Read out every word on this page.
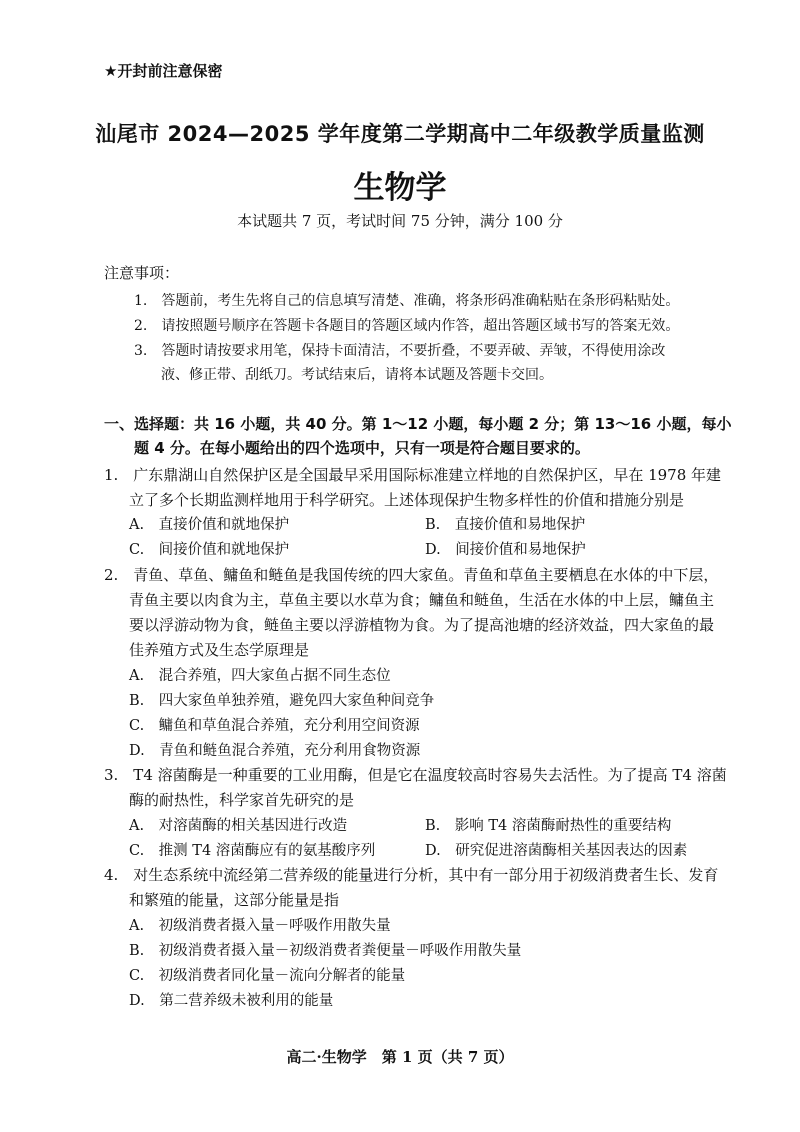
★开封前注意保密
汕尾市 2024—2025 学年度第二学期高中二年级教学质量监测
生物学
本试题共 7 页，考试时间 75 分钟，满分 100 分
注意事项：
1.　答题前，考生先将自己的信息填写清楚、准确，将条形码准确粘贴在条形码粘贴处。
2.　请按照题号顺序在答题卡各题目的答题区域内作答，超出答题区域书写的答案无效。
3.　答题时请按要求用笔，保持卡面清洁，不要折叠，不要弄破、弄皱，不得使用涂改
液、修正带、刮纸刀。考试结束后，请将本试题及答题卡交回。
一、选择题：共 16 小题，共 40 分。第 1～12 小题，每小题 2 分；第 13～16 小题，每小
题 4 分。在每小题给出的四个选项中，只有一项是符合题目要求的。
1.　广东鼎湖山自然保护区是全国最早采用国际标准建立样地的自然保护区，早在 1978 年建
立了多个长期监测样地用于科学研究。上述体现保护生物多样性的价值和措施分别是
A.　直接价值和就地保护	B.　直接价值和易地保护
C.　间接价值和就地保护	D.　间接价值和易地保护
2.　青鱼、草鱼、鳙鱼和鲢鱼是我国传统的四大家鱼。青鱼和草鱼主要栖息在水体的中下层，
青鱼主要以肉食为主，草鱼主要以水草为食；鳙鱼和鲢鱼，生活在水体的中上层，鳙鱼主
要以浮游动物为食，鲢鱼主要以浮游植物为食。为了提高池塘的经济效益，四大家鱼的最
佳养殖方式及生态学原理是
A.　混合养殖，四大家鱼占据不同生态位
B.　四大家鱼单独养殖，避免四大家鱼种间竞争
C.　鳙鱼和草鱼混合养殖，充分利用空间资源
D.　青鱼和鲢鱼混合养殖，充分利用食物资源
3.　T4 溶菌酶是一种重要的工业用酶，但是它在温度较高时容易失去活性。为了提高 T4 溶菌
酶的耐热性，科学家首先研究的是
A.　对溶菌酶的相关基因进行改造	B.　影响 T4 溶菌酶耐热性的重要结构
C.　推测 T4 溶菌酶应有的氨基酸序列	D.　研究促进溶菌酶相关基因表达的因素
4.　对生态系统中流经第二营养级的能量进行分析，其中有一部分用于初级消费者生长、发育
和繁殖的能量，这部分能量是指
A.　初级消费者摄入量－呼吸作用散失量
B.　初级消费者摄入量－初级消费者粪便量－呼吸作用散失量
C.　初级消费者同化量－流向分解者的能量
D.　第二营养级未被利用的能量
高二·生物学　第 1 页（共 7 页）
